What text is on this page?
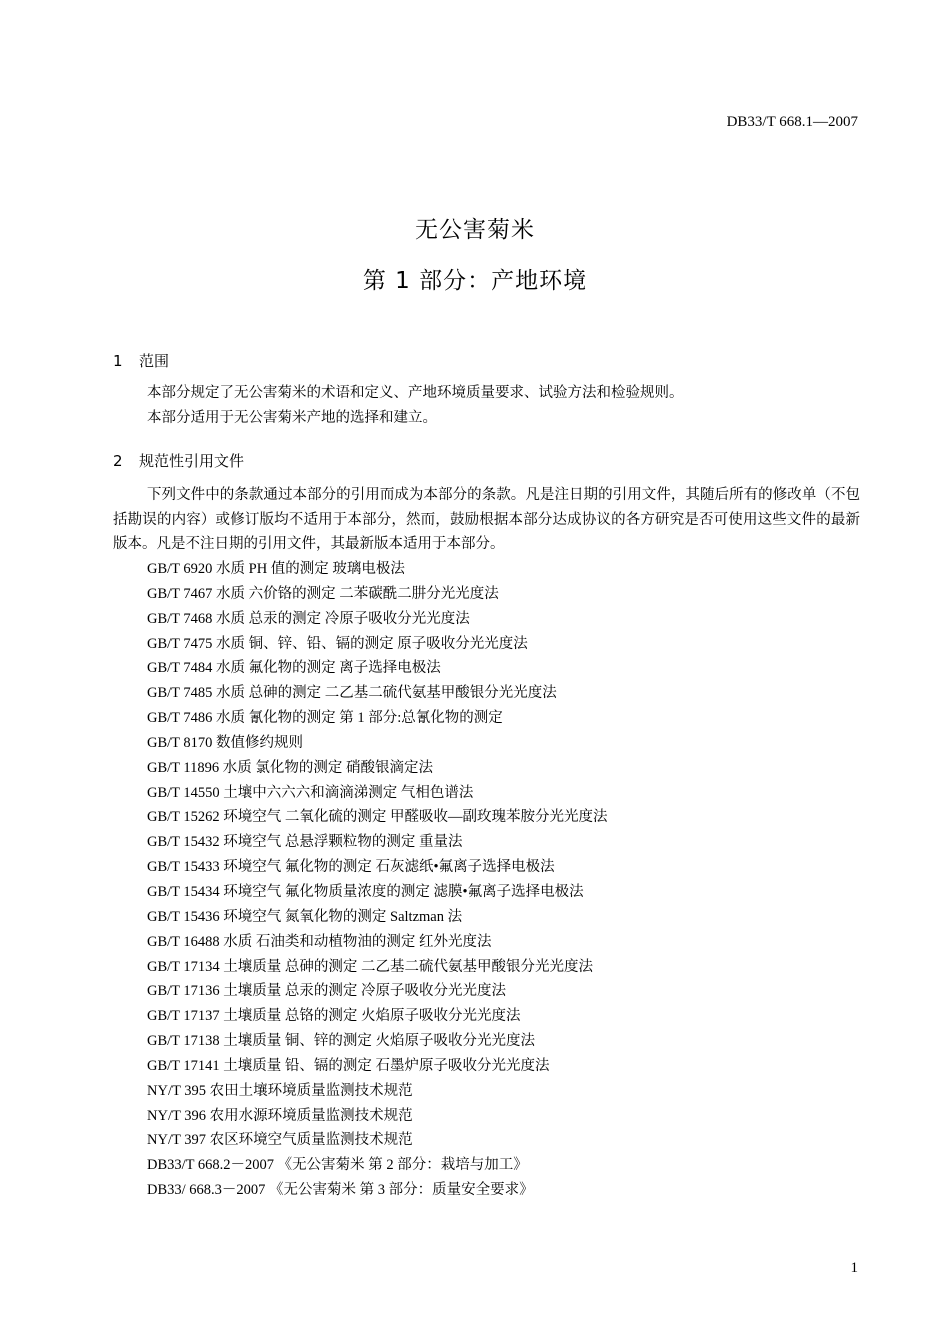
DB33/T 668.1—2007
无公害菊米
第 1 部分：产地环境
1 范围

本部分规定了无公害菊米的术语和定义、产地环境质量要求、试验方法和检验规则。

本部分适用于无公害菊米产地的选择和建立。

2 规范性引用文件

下列文件中的条款通过本部分的引用而成为本部分的条款。凡是注日期的引用文件，其随后所有的修改单（不包括勘误的内容）或修订版均不适用于本部分，然而，鼓励根据本部分达成协议的各方研究是否可使用这些文件的最新版本。凡是不注日期的引用文件，其最新版本适用于本部分。

GB/T 6920 水质 PH 值的测定 玻璃电极法
GB/T 7467 水质 六价铬的测定 二苯碳酰二肼分光光度法
GB/T 7468 水质 总汞的测定 冷原子吸收分光光度法
GB/T 7475 水质 铜、锌、铅、镉的测定 原子吸收分光光度法
GB/T 7484 水质 氟化物的测定 离子选择电极法
GB/T 7485 水质 总砷的测定 二乙基二硫代氨基甲酸银分光光度法
GB/T 7486 水质 氰化物的测定 第 1 部分:总氰化物的测定
GB/T 8170 数值修约规则
GB/T 11896 水质 氯化物的测定 硝酸银滴定法
GB/T 14550 土壤中六六六和滴滴涕测定 气相色谱法
GB/T 15262 环境空气 二氧化硫的测定 甲醛吸收—副玫瑰苯胺分光光度法
GB/T 15432 环境空气 总悬浮颗粒物的测定 重量法
GB/T 15433 环境空气 氟化物的测定 石灰滤纸•氟离子选择电极法
GB/T 15434 环境空气 氟化物质量浓度的测定 滤膜•氟离子选择电极法
GB/T 15436 环境空气 氮氧化物的测定 Saltzman 法
GB/T 16488 水质 石油类和动植物油的测定 红外光度法
GB/T 17134 土壤质量 总砷的测定 二乙基二硫代氨基甲酸银分光光度法
GB/T 17136 土壤质量 总汞的测定 冷原子吸收分光光度法
GB/T 17137 土壤质量 总铬的测定 火焰原子吸收分光光度法
GB/T 17138 土壤质量 铜、锌的测定 火焰原子吸收分光光度法
GB/T 17141 土壤质量 铅、镉的测定 石墨炉原子吸收分光光度法
NY/T 395 农田土壤环境质量监测技术规范
NY/T 396 农用水源环境质量监测技术规范
NY/T 397 农区环境空气质量监测技术规范
DB33/T 668.2－2007 《无公害菊米 第 2 部分：栽培与加工》
DB33/ 668.3－2007 《无公害菊米 第 3 部分：质量安全要求》
1
